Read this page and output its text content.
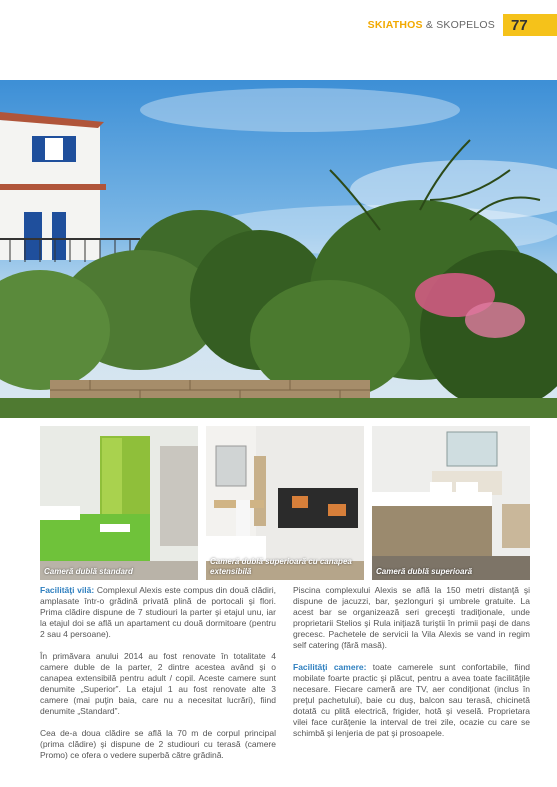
SKIATHOS & SKOPELOS	77
Cameră dublă standard
Cameră dublă superioară cu canapea extensibilă	Cameră dublă superioară

Facilităţi vilă: Complexul Alexis este compus din două clădiri, amplasate într-o grădină privată plină de portocali şi flori. Prima clădire dispune de 7 studiouri la parter şi etajul unu, iar la etajul doi se află un apartament cu două dormitoare (pentru 2 sau 4 persoane).

În primăvara anului 2014 au fost renovate în totalitate 4 camere duble de la parter, 2 dintre acestea având şi o canapea extensibilă pentru adult / copil. Aceste camere sunt denumite „Superior”. La etajul 1 au fost renovate alte 3 camere (mai puţin baia, care nu a necesitat lucrări), fiind denumite „Standard”.

Cea de-a doua clădire se află la 70 m de corpul principal (prima clădire) şi dispune de 2 studiouri cu terasă (camere Promo) ce ofera o vedere superbă către grădină.

Piscina complexului Alexis se află la 150 metri distanţă şi dispune de jacuzzi, bar, şezlonguri şi umbrele gratuite. La acest bar se organizează seri greceşti tradiţionale, unde proprietarii Stelios şi Rula iniţiază turiştii în primii paşi de dans grecesc. Pachetele de servicii la Vila Alexis se vand in regim self catering (fără masă).

Facilităţi camere: toate camerele sunt confortabile, fiind mobilate foarte practic şi plăcut, pentru a avea toate facilităţile necesare. Fiecare cameră are TV, aer condiţionat (inclus în preţul pachetului), baie cu duş, balcon sau terasă, chicinetă dotată cu plită electrică, frigider, hotă şi veselă. Proprietara vilei face curăţenie la interval de trei zile, ocazie cu care se schimbă şi lenjeria de pat şi prosoapele.
